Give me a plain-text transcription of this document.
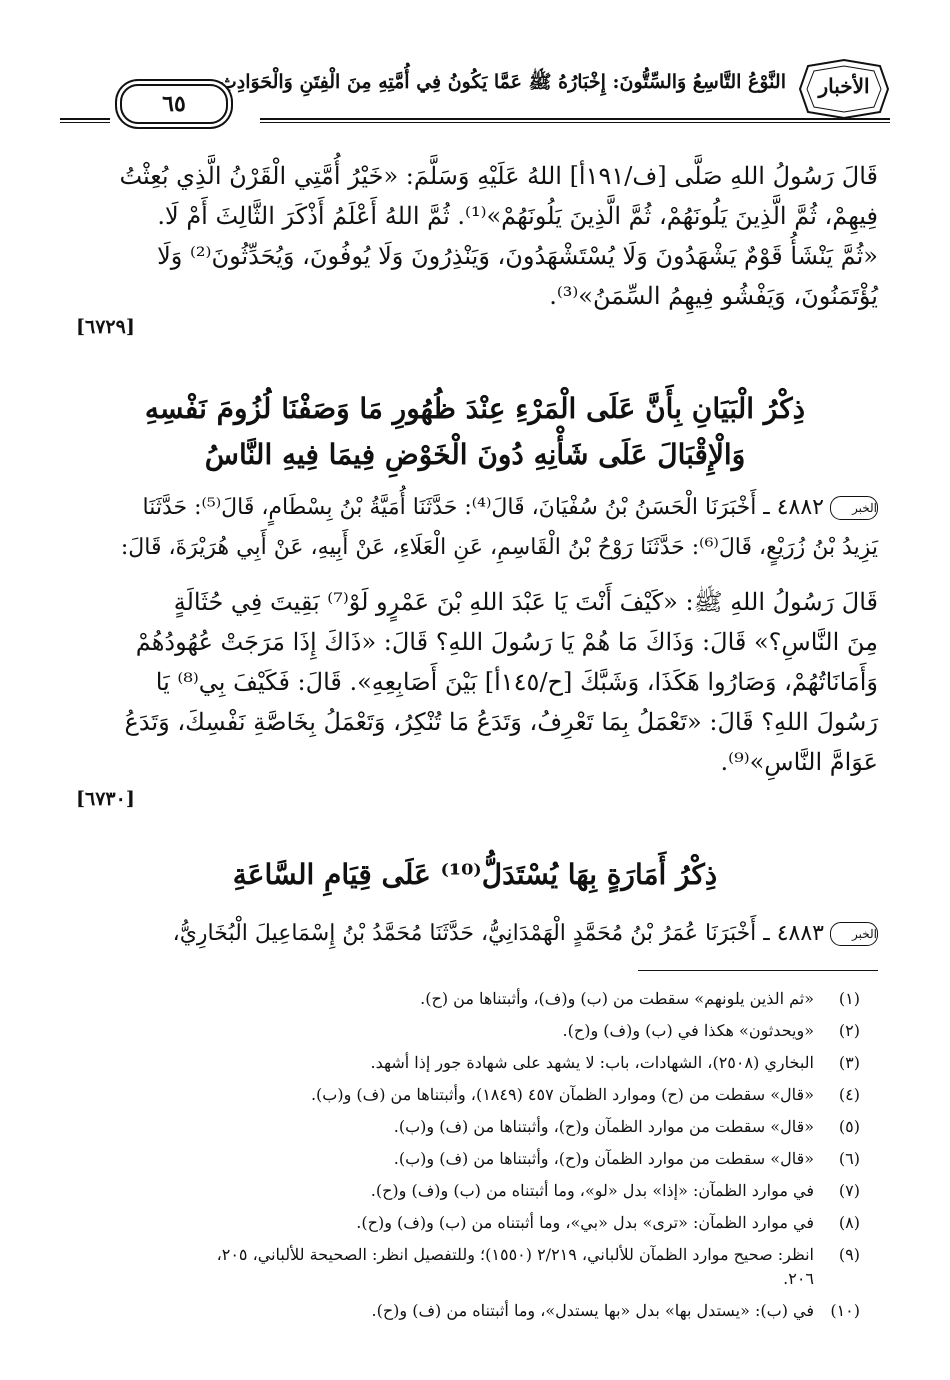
الأخبار
النَّوْعُ التَّاسِعُ وَالسِّتُّونَ: إِخْبَارُهُ ﷺ عَمَّا يَكُونُ فِي أُمَّتِهِ مِنَ الْفِتَنِ وَالْحَوَادِثِ
٦٥
قَالَ رَسُولُ اللهِ صَلَّى [ف/١٩١أ] اللهُ عَلَيْهِ وَسَلَّمَ: «خَيْرُ أُمَّتِي الْقَرْنُ الَّذِي بُعِثْتُ
فِيهِمْ، ثُمَّ الَّذِينَ يَلُونَهُمْ، ثُمَّ الَّذِينَ يَلُونَهُمْ»⁽¹⁾. ثُمَّ اللهُ أَعْلَمُ أَذْكَرَ الثَّالِثَ أَمْ لَا.
«ثُمَّ يَنْشَأُ قَوْمٌ يَشْهَدُونَ وَلَا يُسْتَشْهَدُونَ، وَيَنْذِرُونَ وَلَا يُوفُونَ، وَيُحَدِّثُونَ⁽²⁾ وَلَا
يُؤْتَمَنُونَ، وَيَفْشُو فِيهِمُ السِّمَنُ»⁽³⁾.
[٦٧٢٩]
ذِكْرُ الْبَيَانِ بِأَنَّ عَلَى الْمَرْءِ عِنْدَ ظُهُورِ مَا وَصَفْنَا لُزُومَ نَفْسِهِ
وَالْإِقْبَالَ عَلَى شَأْنِهِ دُونَ الْخَوْضِ فِيمَا فِيهِ النَّاسُ
الخبر٤٨٨٢ ـ أَخْبَرَنَا الْحَسَنُ بْنُ سُفْيَانَ، قَالَ⁽⁴⁾: حَدَّثَنَا أُمَيَّةُ بْنُ بِسْطَامٍ، قَالَ⁽⁵⁾: حَدَّثَنَا
يَزِيدُ بْنُ زُرَيْعٍ، قَالَ⁽⁶⁾: حَدَّثَنَا رَوْحُ بْنُ الْقَاسِمِ، عَنِ الْعَلَاءِ، عَنْ أَبِيهِ، عَنْ أَبِي هُرَيْرَةَ، قَالَ:
قَالَ رَسُولُ اللهِ ﷺ: «كَيْفَ أَنْتَ يَا عَبْدَ اللهِ بْنَ عَمْرٍو لَوْ⁽⁷⁾ بَقِيتَ فِي حُثَالَةٍ
مِنَ النَّاسِ؟» قَالَ: وَذَاكَ مَا هُمْ يَا رَسُولَ اللهِ؟ قَالَ: «ذَاكَ إِذَا مَرَجَتْ عُهُودُهُمْ
وَأَمَانَاتُهُمْ، وَصَارُوا هَكَذَا، وَشَبَّكَ [ح/١٤٥أ] بَيْنَ أَصَابِعِهِ». قَالَ: فَكَيْفَ بِي⁽⁸⁾ يَا
رَسُولَ اللهِ؟ قَالَ: «تَعْمَلُ بِمَا تَعْرِفُ، وَتَدَعُ مَا تُنْكِرُ، وَتَعْمَلُ بِخَاصَّةِ نَفْسِكَ، وَتَدَعُ
عَوَامَّ النَّاسِ»⁽⁹⁾.
[٦٧٣٠]
ذِكْرُ أَمَارَةٍ بِهَا يُسْتَدَلُّ⁽¹⁰⁾ عَلَى قِيَامِ السَّاعَةِ
الخبر٤٨٨٣ ـ أَخْبَرَنَا عُمَرُ بْنُ مُحَمَّدٍ الْهَمْدَانِيُّ، حَدَّثَنَا مُحَمَّدُ بْنُ إِسْمَاعِيلَ الْبُخَارِيُّ،
(١)«ثم الذين يلونهم» سقطت من (ب) و(ف)، وأثبتناها من (ح).
(٢)«ويحدثون» هكذا في (ب) و(ف) و(ح).
(٣)البخاري (٢٥٠٨)، الشهادات، باب: لا يشهد على شهادة جور إذا أشهد.
(٤)«قال» سقطت من (ح) وموارد الظمآن ٤٥٧ (١٨٤٩)، وأثبتناها من (ف) و(ب).
(٥)«قال» سقطت من موارد الظمآن و(ح)، وأثبتناها من (ف) و(ب).
(٦)«قال» سقطت من موارد الظمآن و(ح)، وأثبتناها من (ف) و(ب).
(٧)في موارد الظمآن: «إذا» بدل «لو»، وما أثبتناه من (ب) و(ف) و(ح).
(٨)في موارد الظمآن: «ترى» بدل «بي»، وما أثبتناه من (ب) و(ف) و(ح).
(٩)انظر: صحيح موارد الظمآن للألباني، ٢/٢١٩ (١٥٥٠)؛ وللتفصيل انظر: الصحيحة للألباني، ٢٠٥،
٢٠٦.
(١٠)في (ب): «يستدل بها» بدل «بها يستدل»، وما أثبتناه من (ف) و(ح).
